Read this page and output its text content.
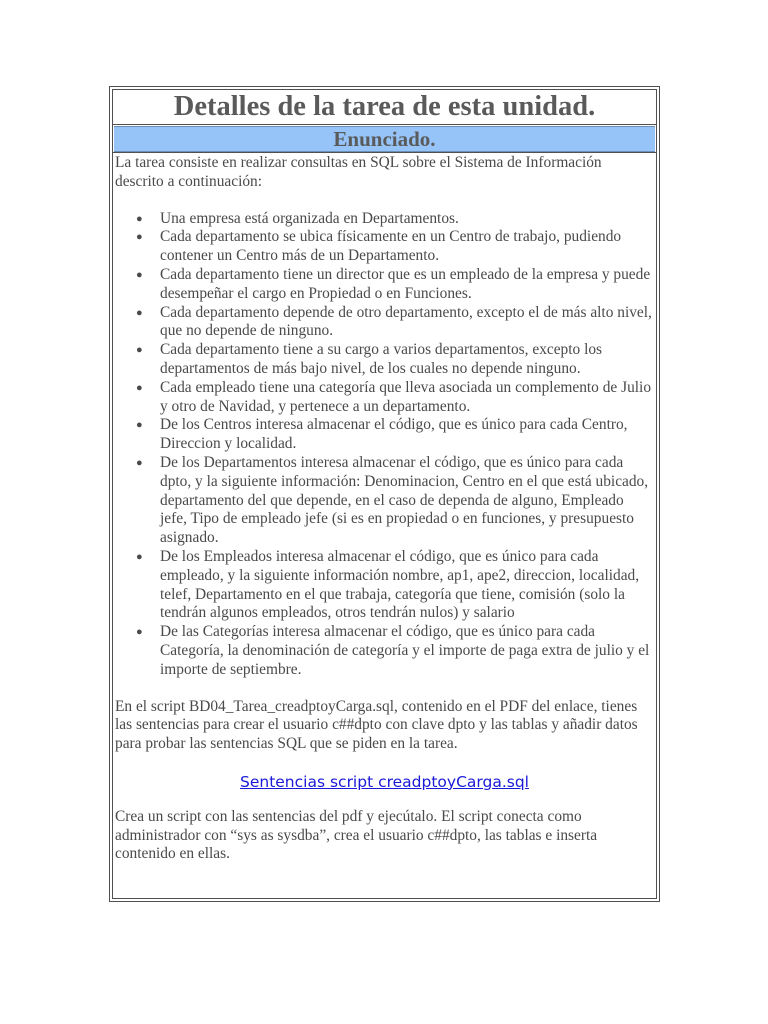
Detalles de la tarea de esta unidad.
Enunciado.

La tarea consiste en realizar consultas en SQL sobre el Sistema de Información descrito a continuación:

● Una empresa está organizada en Departamentos.
● Cada departamento se ubica físicamente en un Centro de trabajo, pudiendo contener un Centro más de un Departamento.
● Cada departamento tiene un director que es un empleado de la empresa y puede desempeñar el cargo en Propiedad o en Funciones.
● Cada departamento depende de otro departamento, excepto el de más alto nivel, que no depende de ninguno.
● Cada departamento tiene a su cargo a varios departamentos, excepto los departamentos de más bajo nivel, de los cuales no depende ninguno.
● Cada empleado tiene una categoría que lleva asociada un complemento de Julio y otro de Navidad, y pertenece a un departamento.
● De los Centros interesa almacenar el código, que es único para cada Centro, Direccion y localidad.
● De los Departamentos interesa almacenar el código, que es único para cada dpto, y la siguiente información: Denominacion, Centro en el que está ubicado, departamento del que depende, en el caso de dependa de alguno, Empleado jefe, Tipo de empleado jefe (si es en propiedad o en funciones, y presupuesto asignado.
● De los Empleados interesa almacenar el código, que es único para cada empleado, y la siguiente información nombre, ap1, ape2, direccion, localidad, telef, Departamento en el que trabaja, categoría que tiene, comisión (solo la tendrán algunos empleados, otros tendrán nulos) y salario
● De las Categorías interesa almacenar el código, que es único para cada Categoría, la denominación de categoría y el importe de paga extra de julio y el importe de septiembre.

En el script BD04_Tarea_creadptoyCarga.sql, contenido en el PDF del enlace, tienes las sentencias para crear el usuario c##dpto con clave dpto y las tablas y añadir datos para probar las sentencias SQL que se piden en la tarea.

Sentencias script creadptoyCarga.sql

Crea un script con las sentencias del pdf y ejecútalo. El script conecta como administrador con “sys as sysdba”, crea el usuario c##dpto, las tablas e inserta contenido en ellas.
